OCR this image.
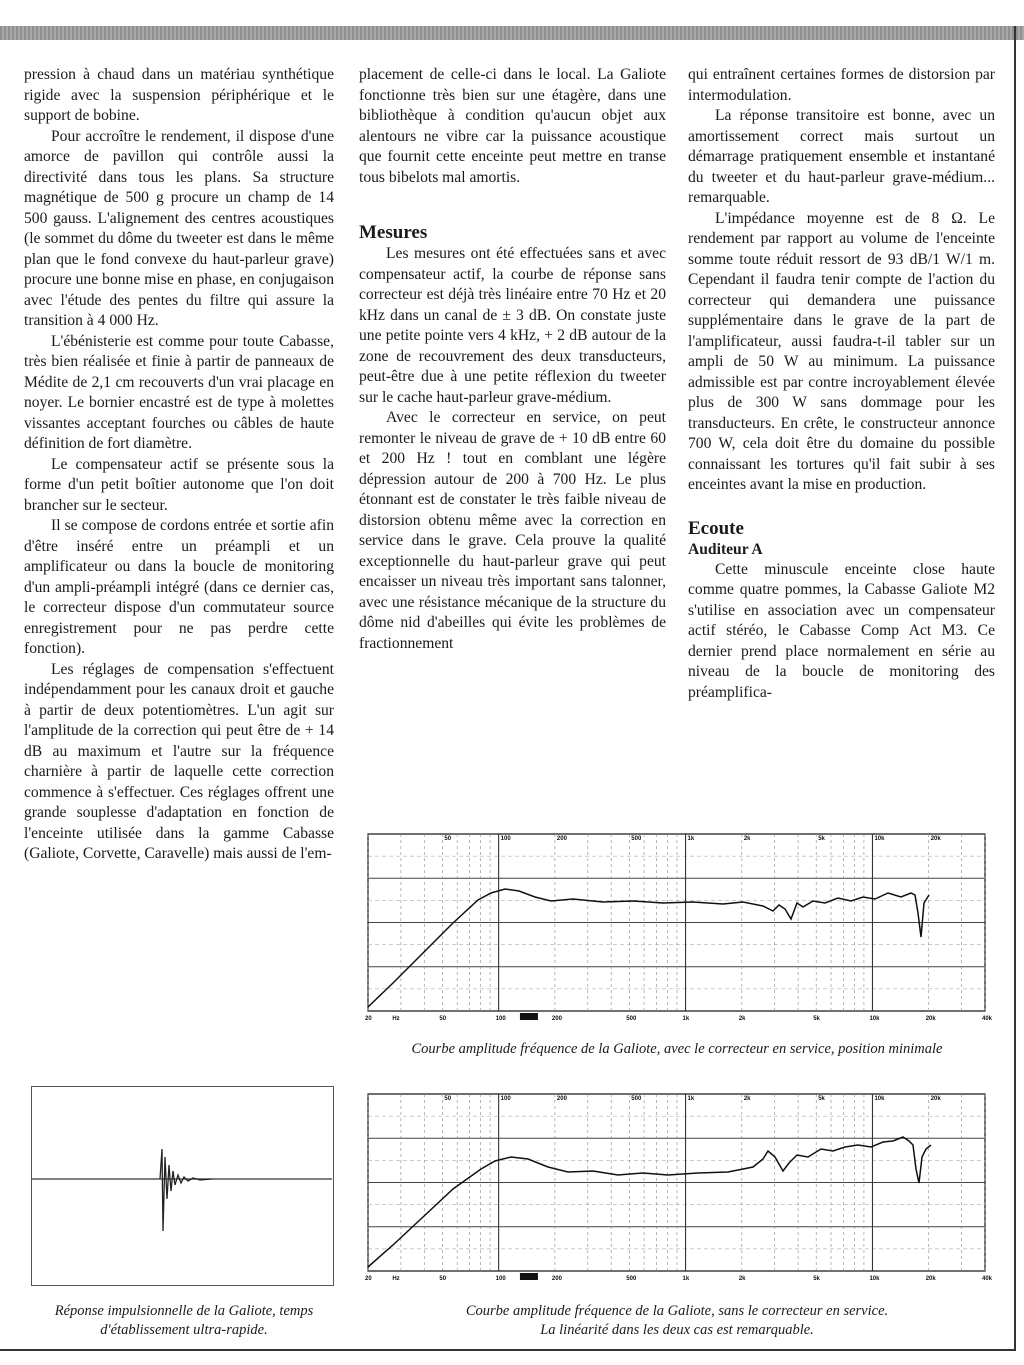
pression à chaud dans un matériau synthétique rigide avec la suspension périphérique et le support de bobine.

Pour accroître le rendement, il dispose d'une amorce de pavillon qui contrôle aussi la directivité dans tous les plans. Sa structure magnétique de 500 g procure un champ de 14 500 gauss. L'alignement des centres acoustiques (le sommet du dôme du tweeter est dans le même plan que le fond convexe du haut-parleur grave) procure une bonne mise en phase, en conjugaison avec l'étude des pentes du filtre qui assure la transition à 4 000 Hz.

L'ébénisterie est comme pour toute Cabasse, très bien réalisée et finie à partir de panneaux de Médite de 2,1 cm recouverts d'un vrai placage en noyer. Le bornier encastré est de type à molettes vissantes acceptant fourches ou câbles de haute définition de fort diamètre.

Le compensateur actif se présente sous la forme d'un petit boîtier autonome que l'on doit brancher sur le secteur.

Il se compose de cordons entrée et sortie afin d'être inséré entre un préampli et un amplificateur ou dans la boucle de monitoring d'un ampli-préampli intégré (dans ce dernier cas, le correcteur dispose d'un commutateur source enregistrement pour ne pas perdre cette fonction).

Les réglages de compensation s'effectuent indépendamment pour les canaux droit et gauche à partir de deux potentiomètres. L'un agit sur l'amplitude de la correction qui peut être de + 14 dB au maximum et l'autre sur la fréquence charnière à partir de laquelle cette correction commence à s'effectuer. Ces réglages offrent une grande souplesse d'adaptation en fonction de l'enceinte utilisée dans la gamme Cabasse (Galiote, Corvette, Caravelle) mais aussi de l'em-

placement de celle-ci dans le local. La Galiote fonctionne très bien sur une étagère, dans une bibliothèque à condition qu'aucun objet aux alentours ne vibre car la puissance acoustique que fournit cette enceinte peut mettre en transe tous bibelots mal amortis.

Mesures

Les mesures ont été effectuées sans et avec compensateur actif, la courbe de réponse sans correcteur est déjà très linéaire entre 70 Hz et 20 kHz dans un canal de ± 3 dB. On constate juste une petite pointe vers 4 kHz, + 2 dB autour de la zone de recouvrement des deux transducteurs, peut-être due à une petite réflexion du tweeter sur le cache haut-parleur grave-médium.

Avec le correcteur en service, on peut remonter le niveau de grave de + 10 dB entre 60 et 200 Hz ! tout en comblant une légère dépression autour de 200 à 700 Hz. Le plus étonnant est de constater le très faible niveau de distorsion obtenu même avec la correction en service dans le grave. Cela prouve la qualité exceptionnelle du haut-parleur grave qui peut encaisser un niveau très important sans talonner, avec une résistance mécanique de la structure du dôme nid d'abeilles qui évite les problèmes de fractionnement

qui entraînent certaines formes de distorsion par intermodulation.

La réponse transitoire est bonne, avec un amortissement correct mais surtout un démarrage pratiquement ensemble et instantané du tweeter et du haut-parleur grave-médium... remarquable.

L'impédance moyenne est de 8 Ω. Le rendement par rapport au volume de l'enceinte somme toute réduit ressort de 93 dB/1 W/1 m. Cependant il faudra tenir compte de l'action du correcteur qui demandera une puissance supplémentaire dans le grave de la part de l'amplificateur, aussi faudra-t-il tabler sur un ampli de 50 W au minimum. La puissance admissible est par contre incroyablement élevée plus de 300 W sans dommage pour les transducteurs. En crête, le constructeur annonce 700 W, cela doit être du domaine du possible connaissant les tortures qu'il fait subir à ses enceintes avant la mise en production.

Ecoute
Auditeur A

Cette minuscule enceinte close haute comme quatre pommes, la Cabasse Galiote M2 s'utilise en association avec un compensateur actif stéréo, le Cabasse Comp Act M3. Ce dernier prend place normalement en série au niveau de la boucle de monitoring des préamplifica-

20	Hz	50	100	200	500	1k	2k	5k	10k	20k	40k
50	100	200	500	1k	2k	5k	10k	20k
Courbe amplitude fréquence de la Galiote, avec le correcteur en service, position minimale
20	Hz	50	100	200	500	1k	2k	5k	10k	20k	40k
50	100	200	500	1k	2k	5k	10k	20k
Courbe amplitude fréquence de la Galiote, sans le correcteur en service.
La linéarité dans les deux cas est remarquable.
Réponse impulsionnelle de la Galiote, temps
d'établissement ultra-rapide.
